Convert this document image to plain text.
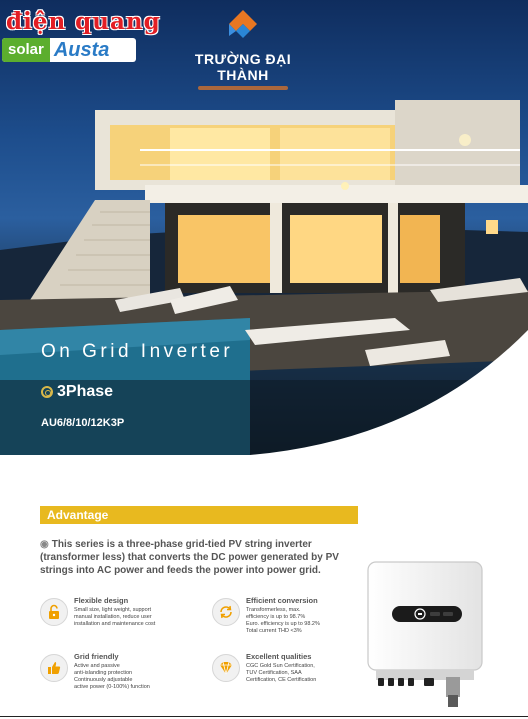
điện quang
solar Austa	TRƯỜNG ĐẠI THÀNH
On Grid Inverter
3Phase
AU6/8/10/12K3P
Advantage
◉ This series is a three-phase grid-tied PV string inverter (transformer less) that converts the DC power generated by PV strings into AC power and feeds the power into power grid.
Flexible design
Small size, light weight, support
manual installation, reduce user
installation and maintenance cost
Efficient conversion
Transformerless, max.
efficiency is up to 98.7%
Euro. efficiency is up to 98.2%
Total current THD <3%
Grid friendly
Active and passive
anti-islanding protection
Continuously adjustable
active power (0-100%) function
Excellent qualities
CGC Gold Sun Certification,
TUV Certification, SAA
Certification, CE Certification
